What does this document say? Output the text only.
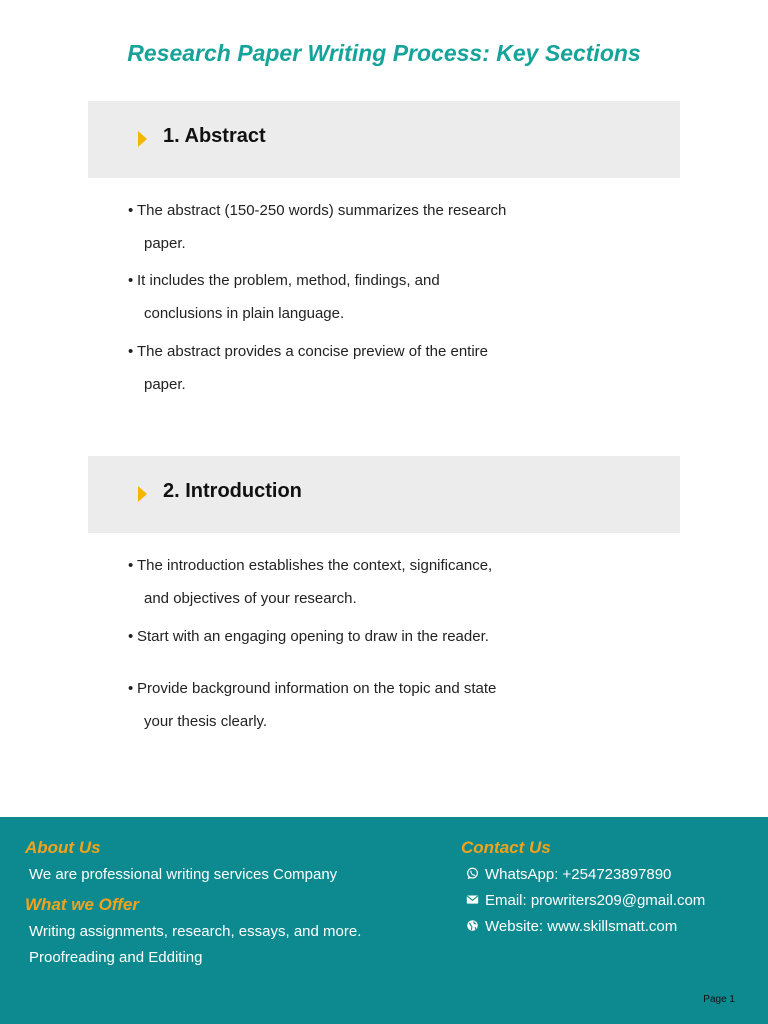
Research Paper Writing Process: Key Sections
1. Abstract
• The abstract (150-250 words) summarizes the research
paper.
• It includes the problem, method, findings, and
conclusions in plain language.
• The abstract provides a concise preview of the entire
paper.
2. Introduction
• The introduction establishes the context, significance,
and objectives of your research.
• Start with an engaging opening to draw in the reader.
• Provide background information on the topic and state
your thesis clearly.
About Us
We are professional writing services Company
What we Offer
Writing assignments, research, essays, and more.
Proofreading and Edditing
Contact Us
WhatsApp: +254723897890
Email: prowriters209@gmail.com
Website: www.skillsmatt.com
Page 1
